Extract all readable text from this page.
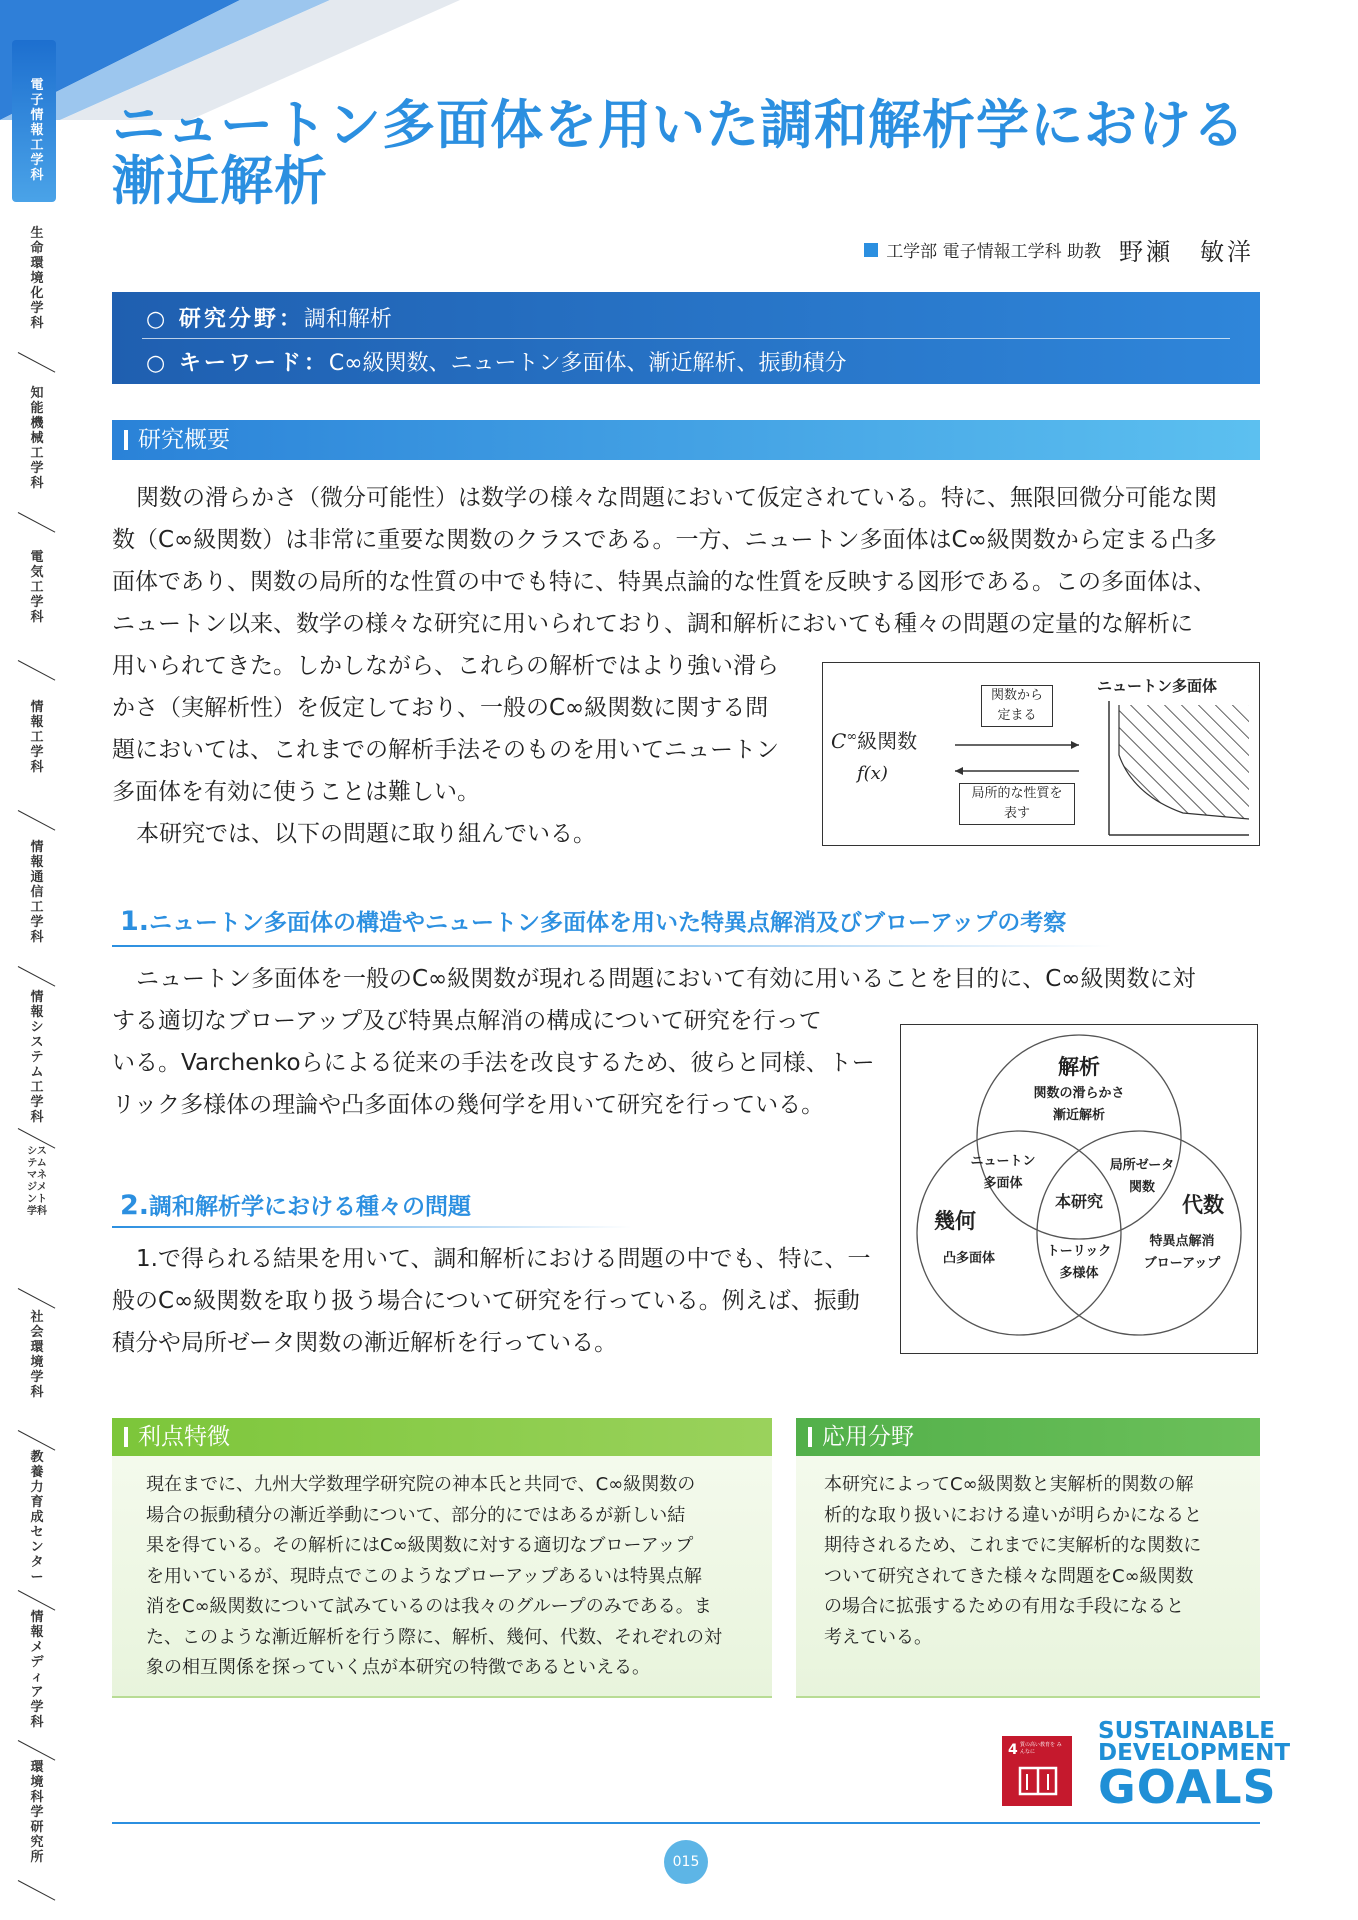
電子情報工学科
生命環境化学科
知能機械工学科
電気工学科
情報工学科
情報通信工学科
情報システム工学科
システムマネジメント学科
社会環境学科
教養力育成センター
情報メディア学科
環境科学研究所
ニュートン多面体を用いた調和解析学における
漸近解析
工学部 電子情報工学科 助教 野瀬　敏洋
○ 研究分野：調和解析
○ キーワード：C∞級関数、ニュートン多面体、漸近解析、振動積分
研究概要
関数の滑らかさ（微分可能性）は数学の様々な問題において仮定されている。特に、無限回微分可能な関
数（C∞級関数）は非常に重要な関数のクラスである。一方、ニュートン多面体はC∞級関数から定まる凸多
面体であり、関数の局所的な性質の中でも特に、特異点論的な性質を反映する図形である。この多面体は、
ニュートン以来、数学の様々な研究に用いられており、調和解析においても種々の問題の定量的な解析に
用いられてきた。しかしながら、これらの解析ではより強い滑ら
かさ（実解析性）を仮定しており、一般のC∞級関数に関する問
題においては、これまでの解析手法そのものを用いてニュートン
多面体を有効に使うことは難しい。
本研究では、以下の問題に取り組んでいる。
C∞級関数
f(x)
関数から
定まる
局所的な性質を
表す
ニュートン多面体
1.ニュートン多面体の構造やニュートン多面体を用いた特異点解消及びブローアップの考察
ニュートン多面体を一般のC∞級関数が現れる問題において有効に用いることを目的に、C∞級関数に対
する適切なブローアップ及び特異点解消の構成について研究を行って
いる。Varchenkoらによる従来の手法を改良するため、彼らと同様、トー
リック多様体の理論や凸多面体の幾何学を用いて研究を行っている。
解析
関数の滑らかさ
漸近解析
ニュートン
多面体
局所ゼータ
関数
本研究
幾何
凸多面体
代数
特異点解消
ブローアップ
トーリック
多様体
2.調和解析学における種々の問題
1.で得られる結果を用いて、調和解析における問題の中でも、特に、一
般のC∞級関数を取り扱う場合について研究を行っている。例えば、振動
積分や局所ゼータ関数の漸近解析を行っている。
利点特徴
現在までに、九州大学数理学研究院の神本氏と共同で、C∞級関数の
場合の振動積分の漸近挙動について、部分的にではあるが新しい結
果を得ている。その解析にはC∞級関数に対する適切なブローアップ
を用いているが、現時点でこのようなブローアップあるいは特異点解
消をC∞級関数について試みているのは我々のグループのみである。ま
た、このような漸近解析を行う際に、解析、幾何、代数、それぞれの対
象の相互関係を探っていく点が本研究の特徴であるといえる。
応用分野
本研究によってC∞級関数と実解析的関数の解
析的な取り扱いにおける違いが明らかになると
期待されるため、これまでに実解析的な関数に
ついて研究されてきた様々な問題をC∞級関数
の場合に拡張するための有用な手段になると
考えている。
4 質の高い教育を みんなに
SUSTAINABLE
DEVELOPMENT
GOALS
015
